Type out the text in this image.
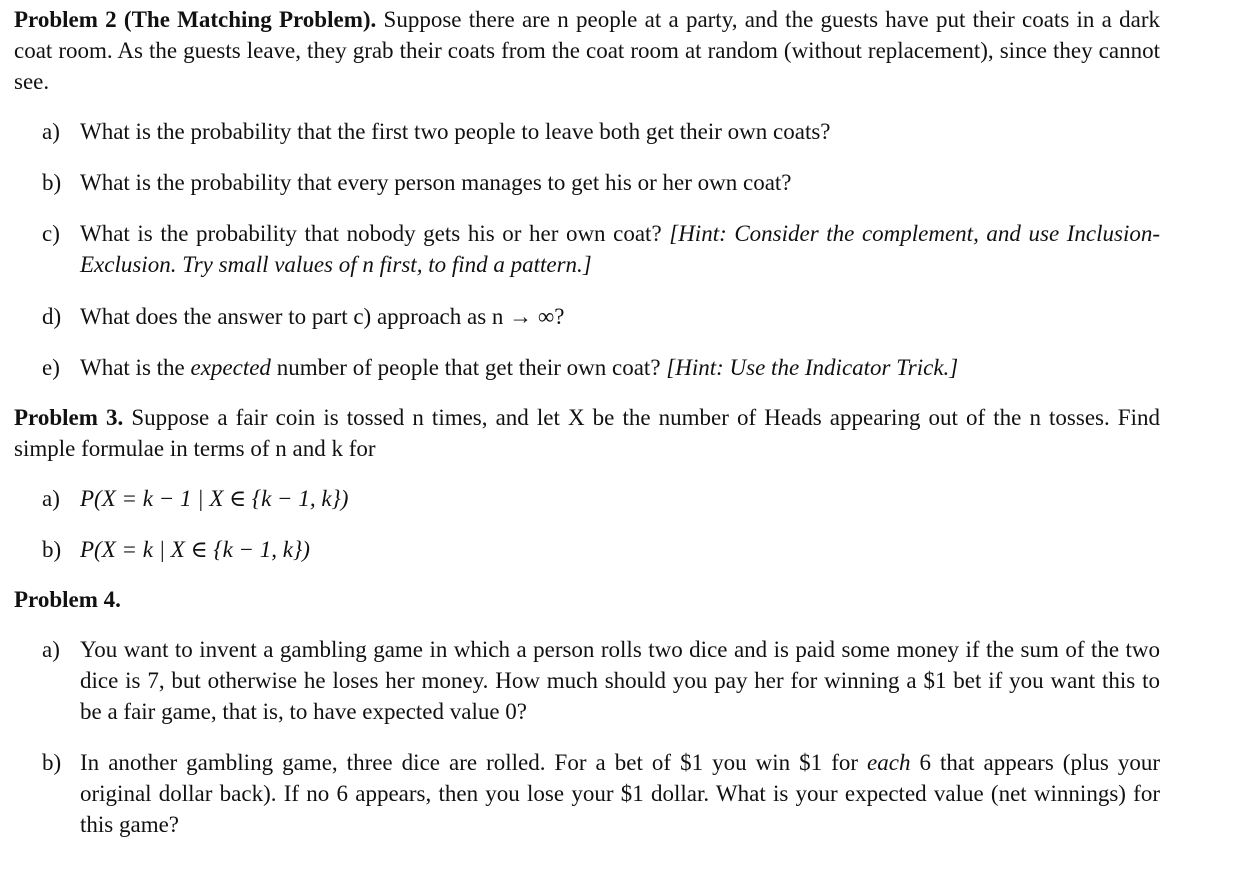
Problem 2 (The Matching Problem). Suppose there are n people at a party, and the guests have put their coats in a dark coat room. As the guests leave, they grab their coats from the coat room at random (without replacement), since they cannot see.

a) What is the probability that the first two people to leave both get their own coats?
b) What is the probability that every person manages to get his or her own coat?
c) What is the probability that nobody gets his or her own coat? [Hint: Consider the complement, and use Inclusion-Exclusion. Try small values of n first, to find a pattern.]
d) What does the answer to part c) approach as n → ∞?
e) What is the expected number of people that get their own coat? [Hint: Use the Indicator Trick.]

Problem 3. Suppose a fair coin is tossed n times, and let X be the number of Heads appearing out of the n tosses. Find simple formulae in terms of n and k for

a) P(X = k − 1 | X ∈ {k − 1, k})
b) P(X = k | X ∈ {k − 1, k})

Problem 4.

a) You want to invent a gambling game in which a person rolls two dice and is paid some money if the sum of the two dice is 7, but otherwise he loses her money. How much should you pay her for winning a $1 bet if you want this to be a fair game, that is, to have expected value 0?
b) In another gambling game, three dice are rolled. For a bet of $1 you win $1 for each 6 that appears (plus your original dollar back). If no 6 appears, then you lose your $1 dollar. What is your expected value (net winnings) for this game?
